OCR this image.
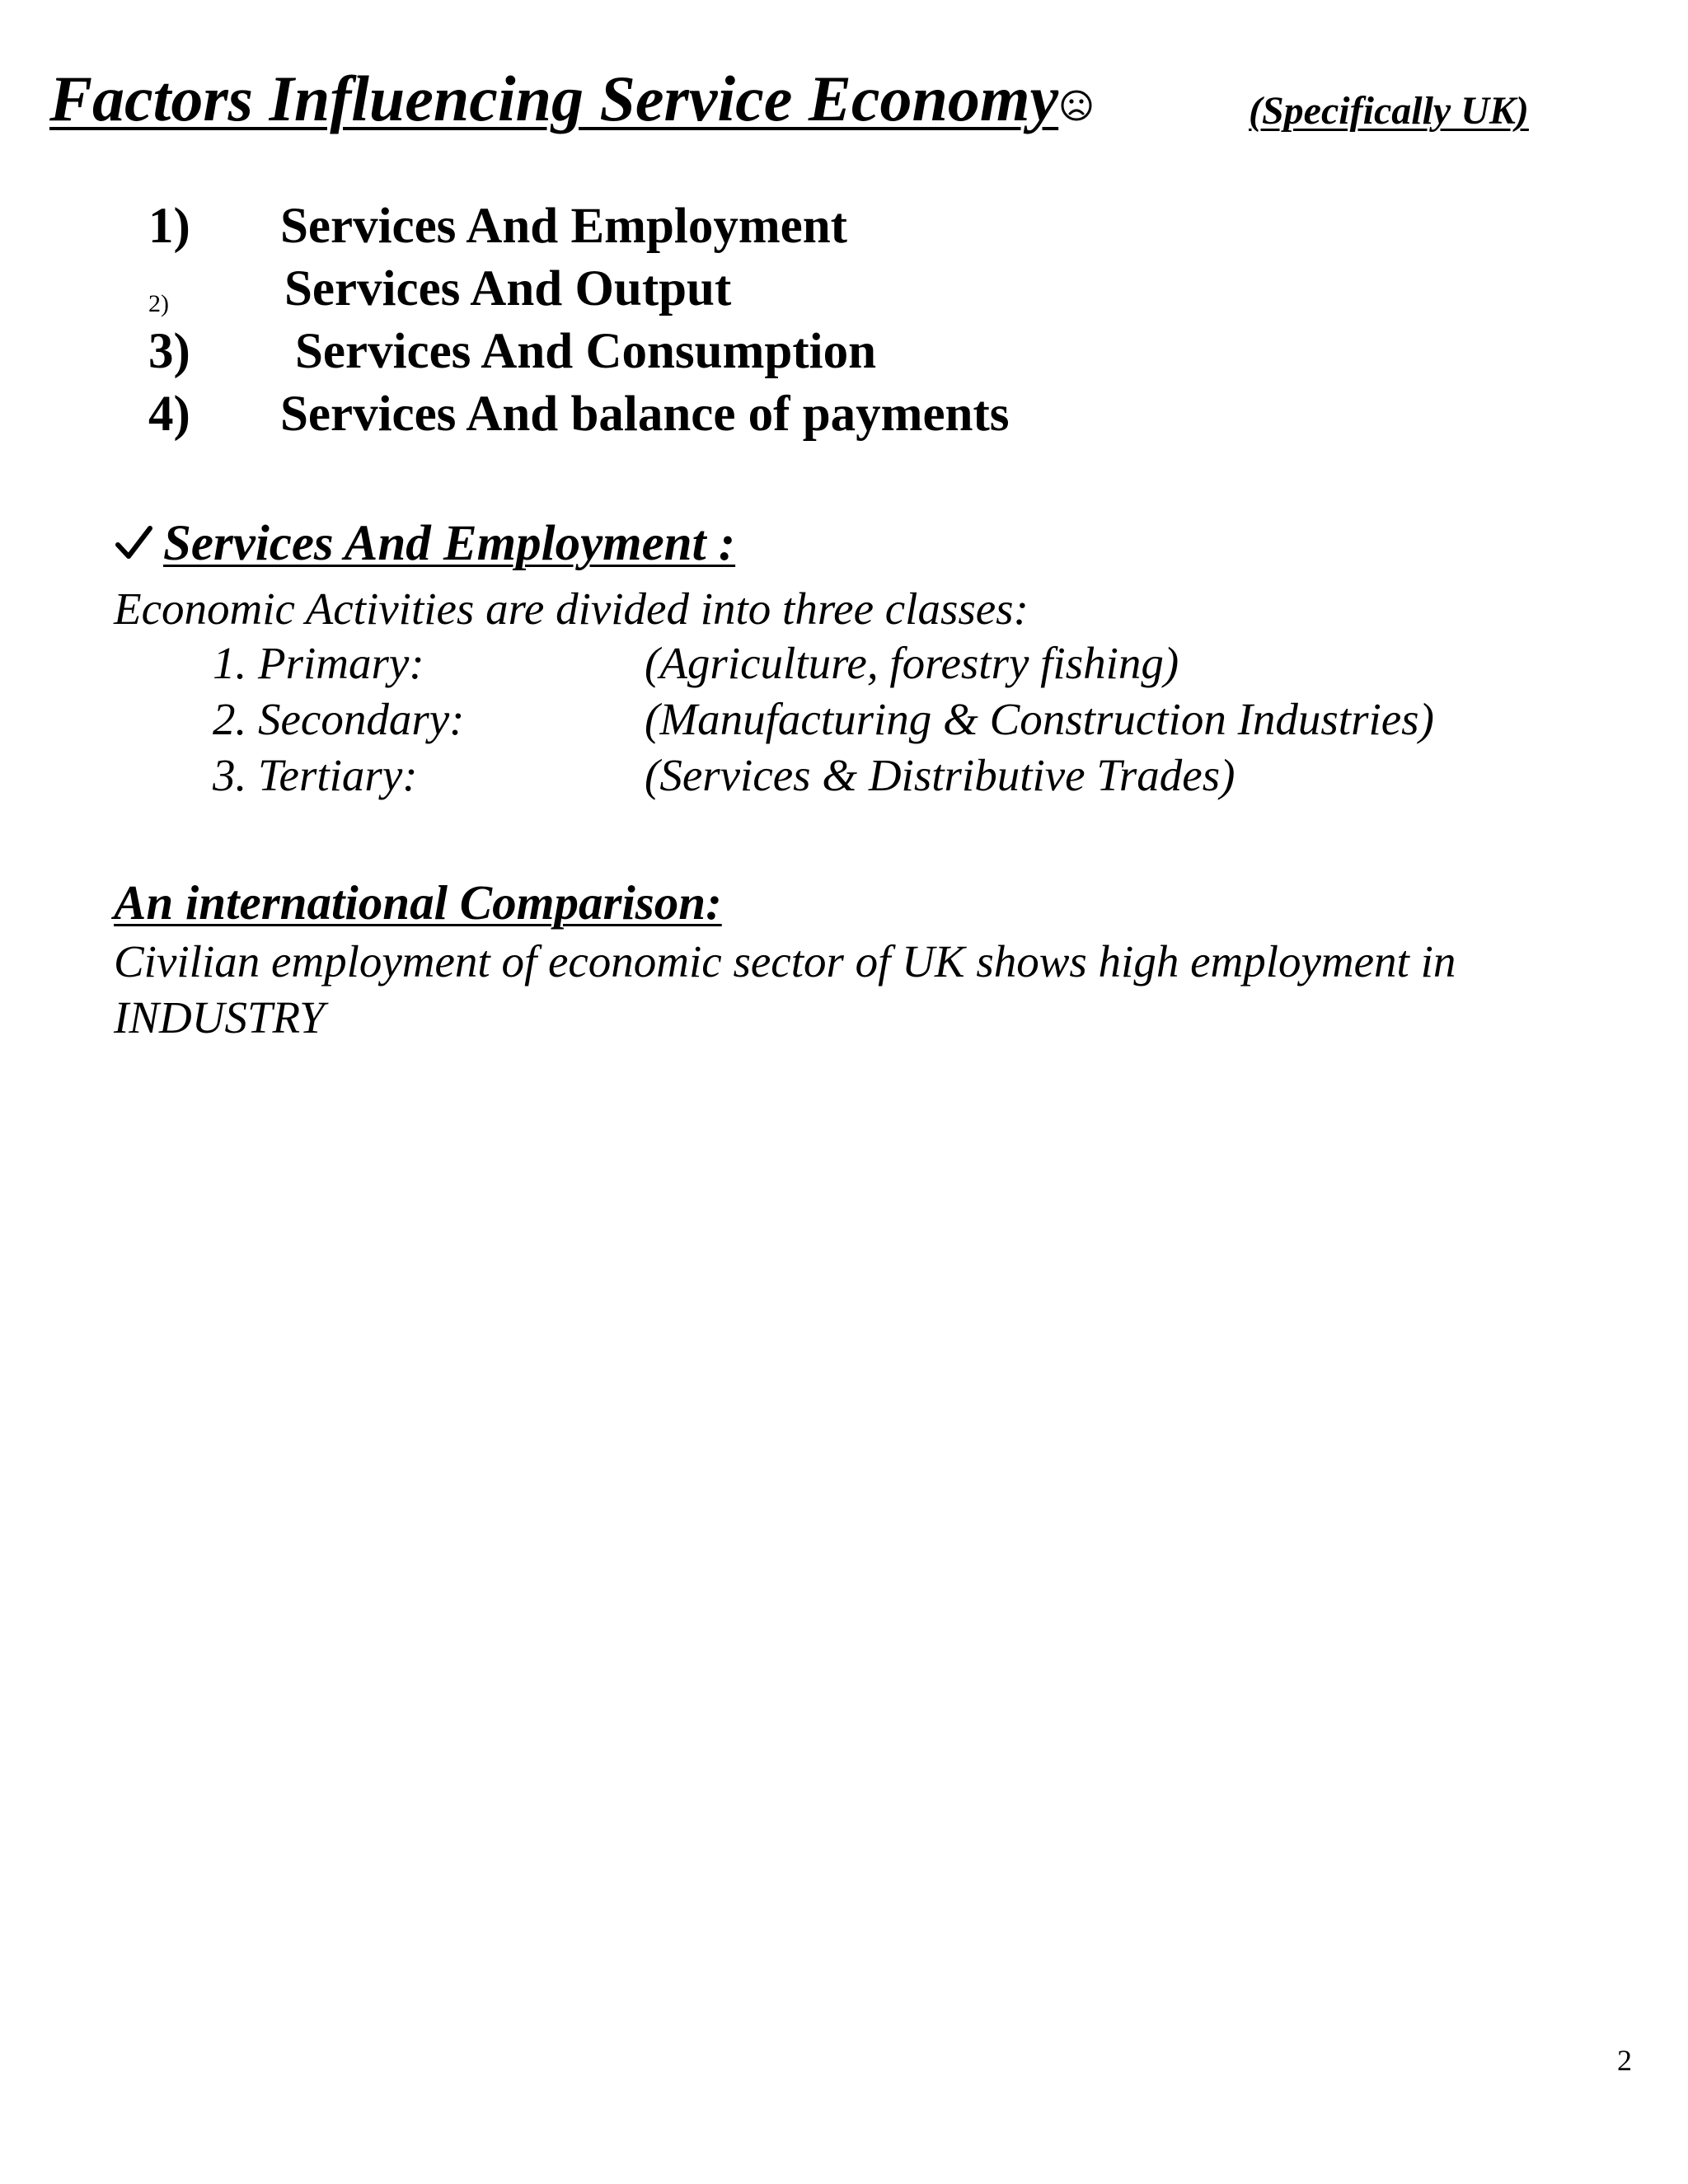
Factors Influencing Service Economy	(Specifically UK)
1) Services And Employment
2) Services And Output
3) Services And Consumption
4) Services And balance of payments
Services And Employment :
Economic Activities are divided into three classes:
1. Primary:	(Agriculture, forestry fishing)
2. Secondary:	(Manufacturing & Construction Industries)
3. Tertiary:	(Services & Distributive Trades)
An international Comparison:
Civilian employment of economic sector of UK shows high employment in
INDUSTRY
2
